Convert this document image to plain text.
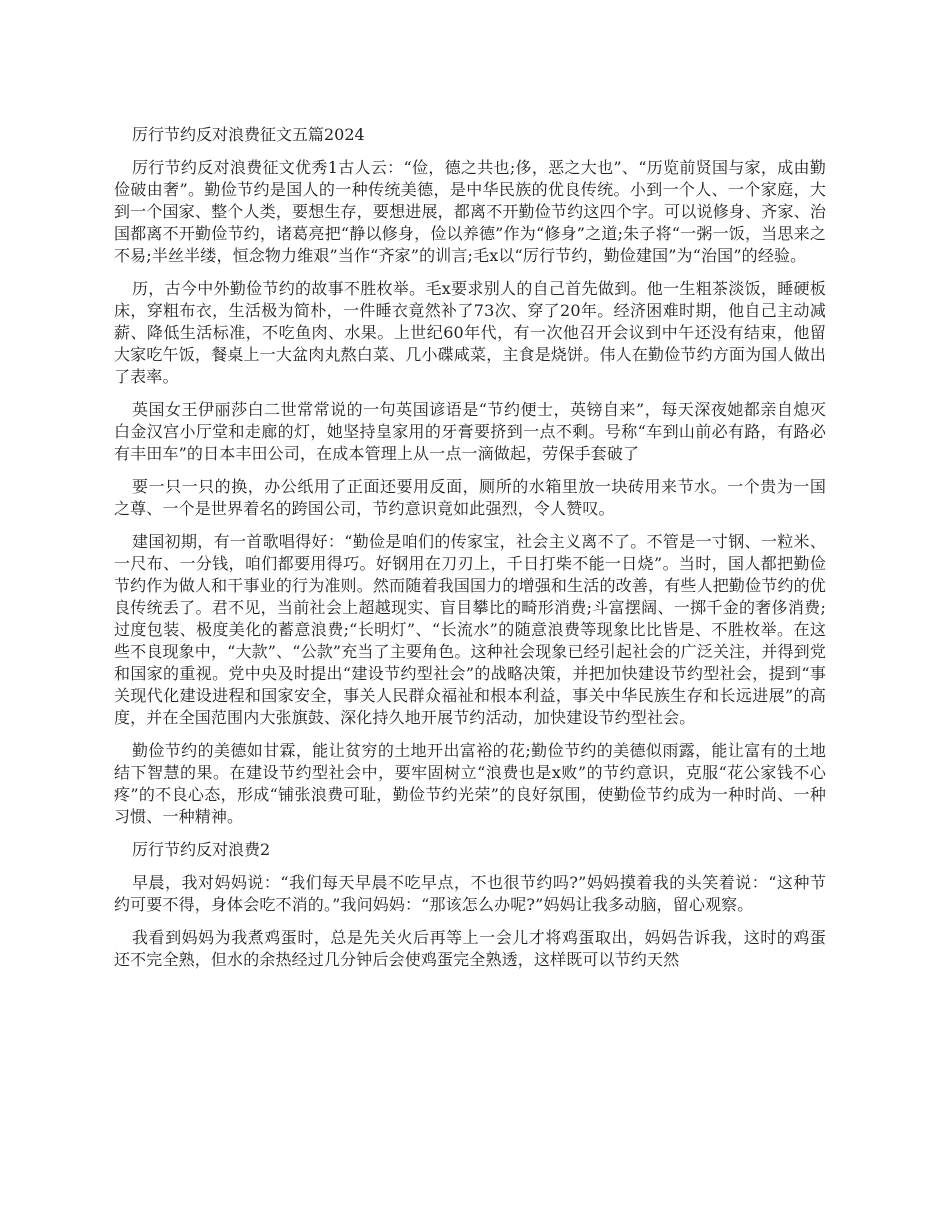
厉行节约反对浪费征文五篇2024

厉行节约反对浪费征文优秀1古人云：“俭，德之共也;侈，恶之大也”、“历览前贤国与家，成由勤俭破由奢”。勤俭节约是国人的一种传统美德，是中华民族的优良传统。小到一个人、一个家庭，大到一个国家、整个人类，要想生存，要想进展，都离不开勤俭节约这四个字。可以说修身、齐家、治国都离不开勤俭节约，诸葛亮把“静以修身，俭以养德”作为“修身”之道;朱子将“一粥一饭，当思来之不易;半丝半缕，恒念物力维艰”当作“齐家”的训言;毛x以“厉行节约，勤俭建国”为“治国”的经验。

历，古今中外勤俭节约的故事不胜枚举。毛x要求别人的自己首先做到。他一生粗茶淡饭，睡硬板床，穿粗布衣，生活极为简朴，一件睡衣竟然补了73次、穿了20年。经济困难时期，他自己主动减薪、降低生活标准，不吃鱼肉、水果。上世纪60年代，有一次他召开会议到中午还没有结束，他留大家吃午饭，餐桌上一大盆肉丸熬白菜、几小碟咸菜，主食是烧饼。伟人在勤俭节约方面为国人做出了表率。

英国女王伊丽莎白二世常常说的一句英国谚语是“节约便士，英镑自来”，每天深夜她都亲自熄灭白金汉宫小厅堂和走廊的灯，她坚持皇家用的牙膏要挤到一点不剩。号称“车到山前必有路，有路必有丰田车”的日本丰田公司，在成本管理上从一点一滴做起，劳保手套破了

要一只一只的换，办公纸用了正面还要用反面，厕所的水箱里放一块砖用来节水。一个贵为一国之尊、一个是世界着名的跨国公司，节约意识竟如此强烈，令人赞叹。

建国初期，有一首歌唱得好：“勤俭是咱们的传家宝，社会主义离不了。不管是一寸钢、一粒米、一尺布、一分钱，咱们都要用得巧。好钢用在刀刃上，千日打柴不能一日烧”。当时，国人都把勤俭节约作为做人和干事业的行为准则。然而随着我国国力的增强和生活的改善，有些人把勤俭节约的优良传统丢了。君不见，当前社会上超越现实、盲目攀比的畸形消费;斗富摆阔、一掷千金的奢侈消费;过度包装、极度美化的蓄意浪费;“长明灯”、“长流水”的随意浪费等现象比比皆是、不胜枚举。在这些不良现象中，“大款”、“公款”充当了主要角色。这种社会现象已经引起社会的广泛关注，并得到党和国家的重视。党中央及时提出“建设节约型社会”的战略决策，并把加快建设节约型社会，提到“事关现代化建设进程和国家安全，事关人民群众福祉和根本利益，事关中华民族生存和长远进展”的高度，并在全国范围内大张旗鼓、深化持久地开展节约活动，加快建设节约型社会。

勤俭节约的美德如甘霖，能让贫穷的土地开出富裕的花;勤俭节约的美德似雨露，能让富有的土地结下智慧的果。在建设节约型社会中，要牢固树立“浪费也是x败”的节约意识，克服“花公家钱不心疼”的不良心态，形成“铺张浪费可耻，勤俭节约光荣”的良好氛围，使勤俭节约成为一种时尚、一种习惯、一种精神。

厉行节约反对浪费2

早晨，我对妈妈说：“我们每天早晨不吃早点，不也很节约吗?”妈妈摸着我的头笑着说：“这种节约可要不得，身体会吃不消的。”我问妈妈：“那该怎么办呢?”妈妈让我多动脑，留心观察。

我看到妈妈为我煮鸡蛋时，总是先关火后再等上一会儿才将鸡蛋取出，妈妈告诉我，这时的鸡蛋还不完全熟，但水的余热经过几分钟后会使鸡蛋完全熟透，这样既可以节约天然
